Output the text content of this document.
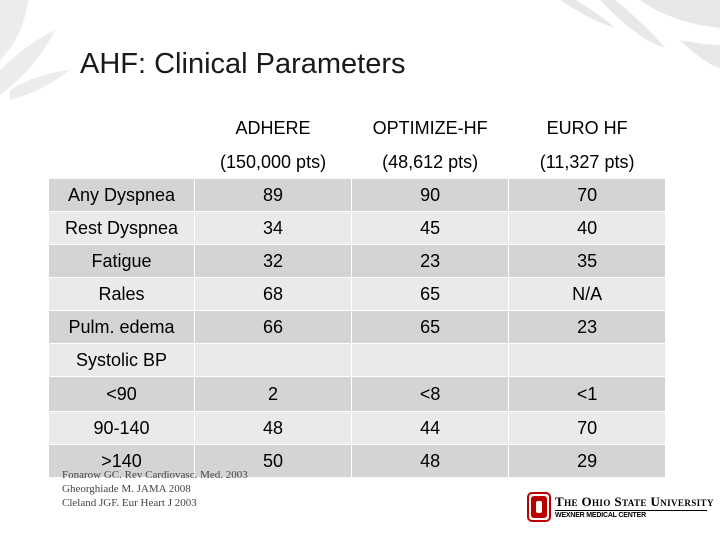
AHF: Clinical Parameters
	ADHERE	OPTIMIZE-HF	EURO HF
	(150,000 pts)	(48,612 pts)	(11,327 pts)
Any Dyspnea	89	90	70
Rest Dyspnea	34	45	40
Fatigue	32	23	35
Rales	68	65	N/A
Pulm. edema	66	65	23
Systolic BP			
<90	2	<8	<1
90-140	48	44	70
>140	50	48	29
Fonarow GC. Rev Cardiovasc. Med. 2003
Gheorghiade M. JAMA 2008
Cleland JGF. Eur Heart J 2003	The Ohio State University
WEXNER MEDICAL CENTER
